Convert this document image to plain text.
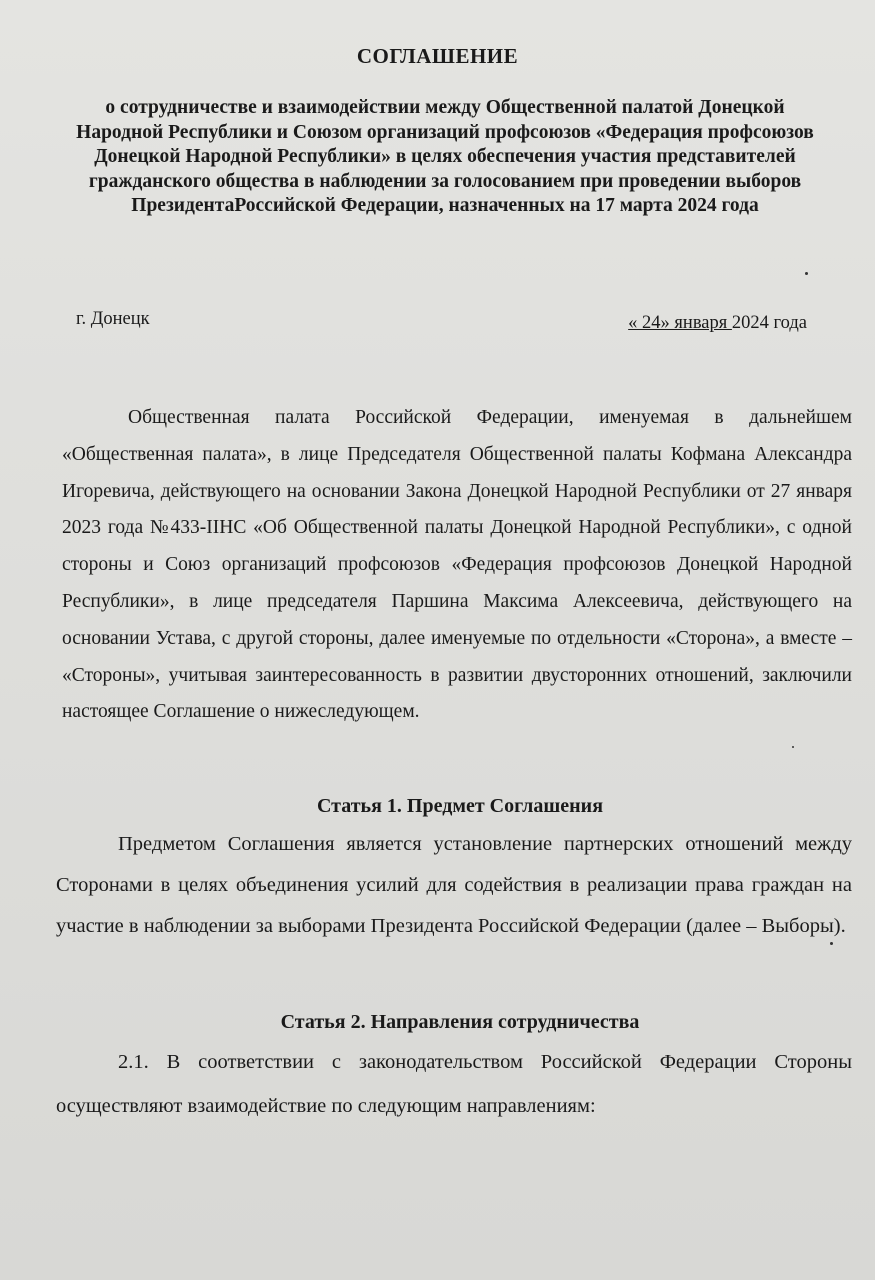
СОГЛАШЕНИЕ
о сотрудничестве и взаимодействии между Общественной палатой Донецкой Народной Республики и Союзом организаций профсоюзов «Федерация профсоюзов Донецкой Народной Республики» в целях обеспечения участия представителей гражданского общества в наблюдении за голосованием при проведении выборов ПрезидентаРоссийской Федерации, назначенных на 17 марта 2024 года
г. Донецк	« 24» января 2024 года

Общественная палата Российской Федерации, именуемая в дальнейшем «Общественная палата», в лице Председателя Общественной палаты Кофмана Александра Игоревича, действующего на основании Закона Донецкой Народной Республики от 27 января 2023 года №433-IIНС «Об Общественной палаты Донецкой Народной Республики», с одной стороны и Союз организаций профсоюзов «Федерация профсоюзов Донецкой Народной Республики», в лице председателя Паршина Максима Алексеевича, действующего на основании Устава, с другой стороны, далее именуемые по отдельности «Сторона», а вместе – «Стороны», учитывая заинтересованность в развитии двусторонних отношений, заключили настоящее Соглашение о нижеследующем.

Статья 1. Предмет Соглашения

Предметом Соглашения является установление партнерских отношений между Сторонами в целях объединения усилий для содействия в реализации права граждан на участие в наблюдении за выборами Президента Российской Федерации (далее – Выборы).

Статья 2. Направления сотрудничества

2.1. В соответствии с законодательством Российской Федерации Стороны осуществляют взаимодействие по следующим направлениям:
